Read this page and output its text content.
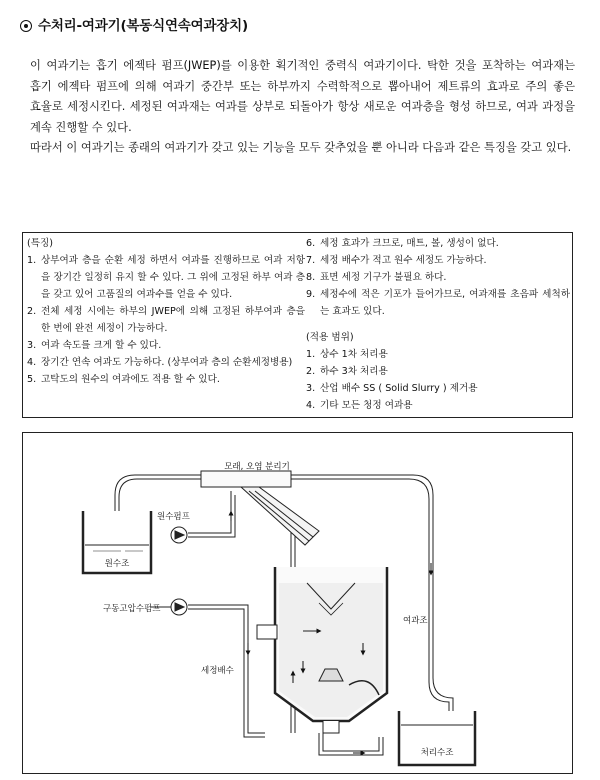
수처리-여과기(복동식연속여과장치)

이 여과기는 흡기 에젝타 펌프(JWEP)를 이용한 획기적인 중력식 여과기이다. 탁한 것을 포착하는 여과재는 흡기 에젝타 펌프에 의해 여과기 중간부 또는 하부까지 수력학적으로 뽑아내어 제트류의 효과로 주의 좋은 효율로 세정시킨다. 세정된 여과재는 여과를 상부로 되돌아가 항상 새로운 여과층을 형성 하므로, 여과 과정을 계속 진행할 수 있다.

따라서 이 여과기는 종래의 여과기가 갖고 있는 기능을 모두 갖추었을 뿐 아니라 다음과 같은 특징을 갖고 있다.

(특징)

1. 상부여과 층을 순환 세정 하면서 여과를 진행하므로 여과 저항을 장기간 일정히 유지 할 수 있다. 그 위에 고정된 하부 여과 층을 갖고 있어 고품질의 여과수를 얻을 수 있다.
2. 전체 세정 시에는 하부의 JWEP에 의해 고정된 하부여과 층을 한 번에 완전 세정이 가능하다.
3. 여과 속도를 크게 할 수 있다.
4. 장기간 연속 여과도 가능하다. (상부여과 층의 순환세정병용)
5. 고탁도의 원수의 여과에도 적용 할 수 있다.
6. 세정 효과가 크므로, 매트, 볼, 생성이 없다.
7. 세정 배수가 적고 원수 세정도 가능하다.
8. 표면 세정 기구가 불필요 하다.
9. 세정수에 적은 기포가 들어가므로, 여과재를 초음파 세척하는 효과도 있다.

(적용 범위)

1. 상수 1차 처리용
2. 하수 3차 처리용
3. 산업 배수 SS ( Solid Slurry ) 제거용
4. 기타 모든 청정 여과용
모래, 오염 분리기
원수조
원수펌프
구동고압수펌프
세정배수
여과조
처리수조
